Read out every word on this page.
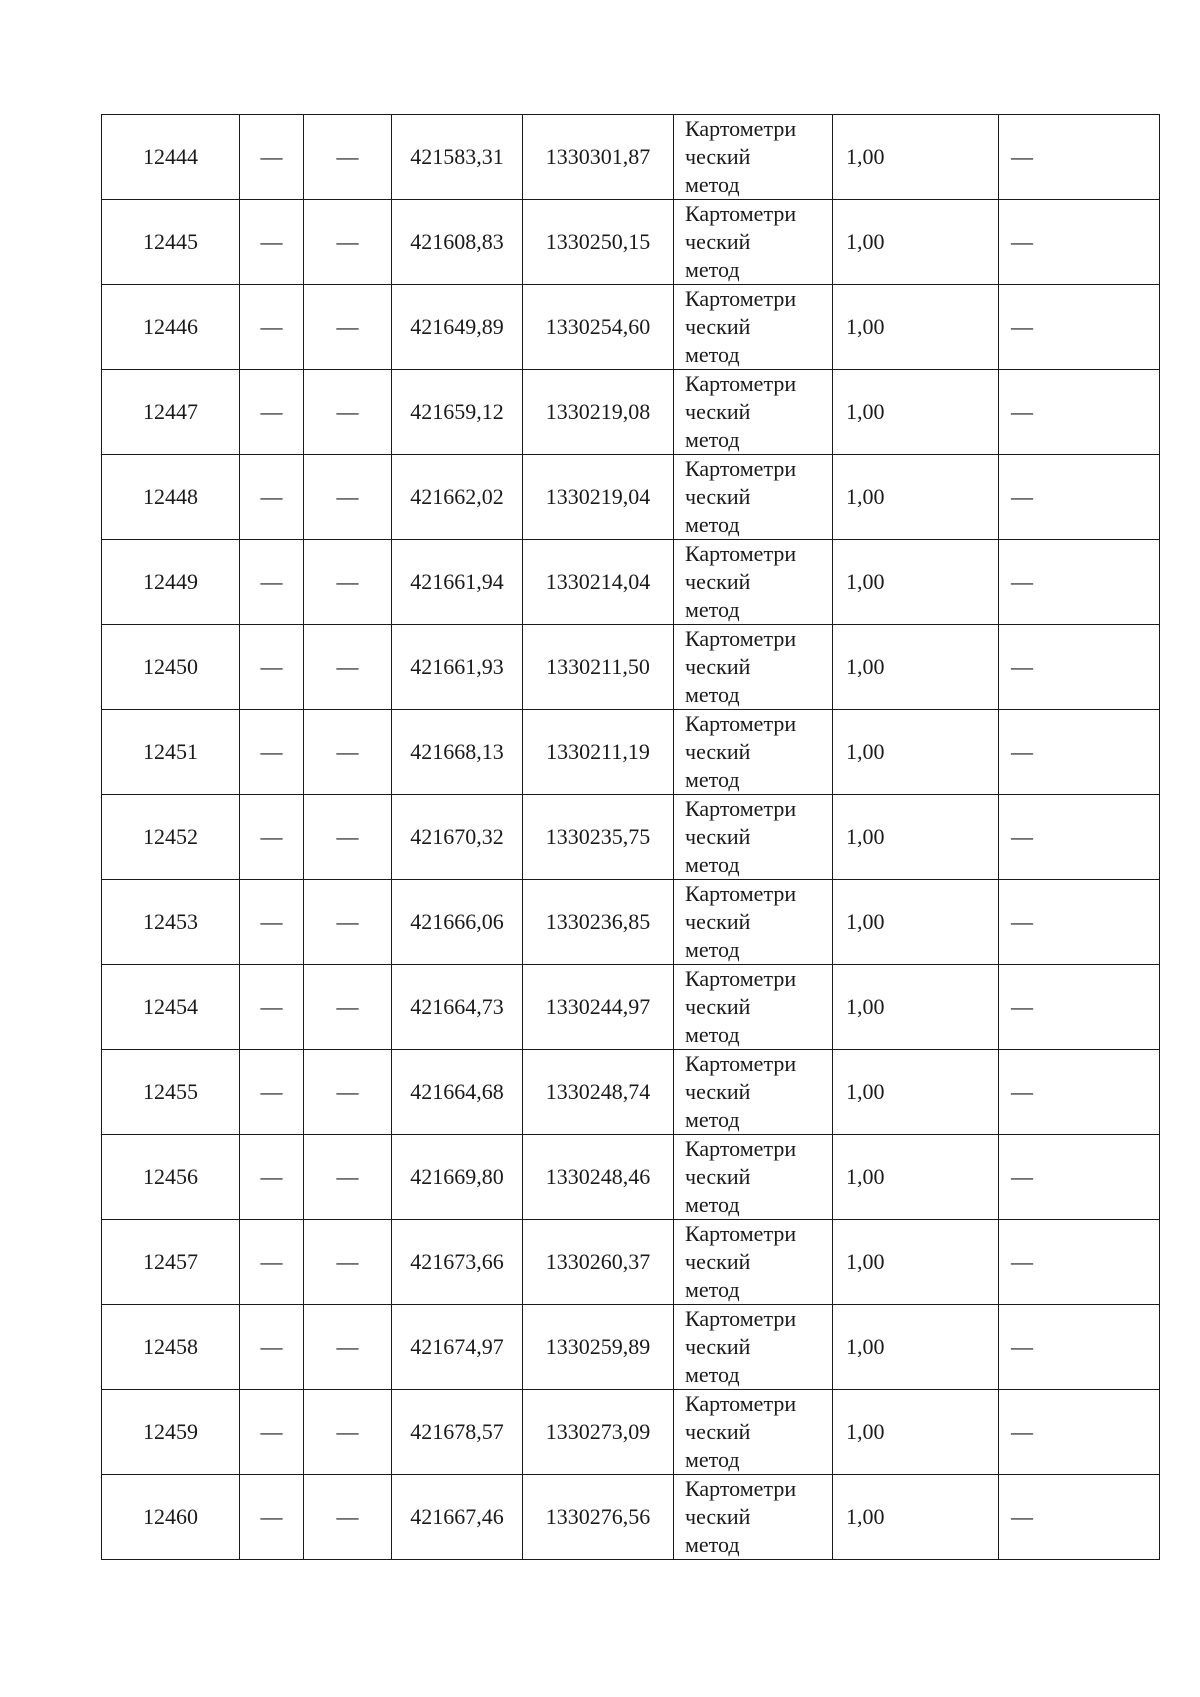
12444	—	—	421583,31	1330301,87	Картометри
ческий
метод	1,00	—
12445	—	—	421608,83	1330250,15	Картометри
ческий
метод	1,00	—
12446	—	—	421649,89	1330254,60	Картометри
ческий
метод	1,00	—
12447	—	—	421659,12	1330219,08	Картометри
ческий
метод	1,00	—
12448	—	—	421662,02	1330219,04	Картометри
ческий
метод	1,00	—
12449	—	—	421661,94	1330214,04	Картометри
ческий
метод	1,00	—
12450	—	—	421661,93	1330211,50	Картометри
ческий
метод	1,00	—
12451	—	—	421668,13	1330211,19	Картометри
ческий
метод	1,00	—
12452	—	—	421670,32	1330235,75	Картометри
ческий
метод	1,00	—
12453	—	—	421666,06	1330236,85	Картометри
ческий
метод	1,00	—
12454	—	—	421664,73	1330244,97	Картометри
ческий
метод	1,00	—
12455	—	—	421664,68	1330248,74	Картометри
ческий
метод	1,00	—
12456	—	—	421669,80	1330248,46	Картометри
ческий
метод	1,00	—
12457	—	—	421673,66	1330260,37	Картометри
ческий
метод	1,00	—
12458	—	—	421674,97	1330259,89	Картометри
ческий
метод	1,00	—
12459	—	—	421678,57	1330273,09	Картометри
ческий
метод	1,00	—
12460	—	—	421667,46	1330276,56	Картометри
ческий
метод	1,00	—
